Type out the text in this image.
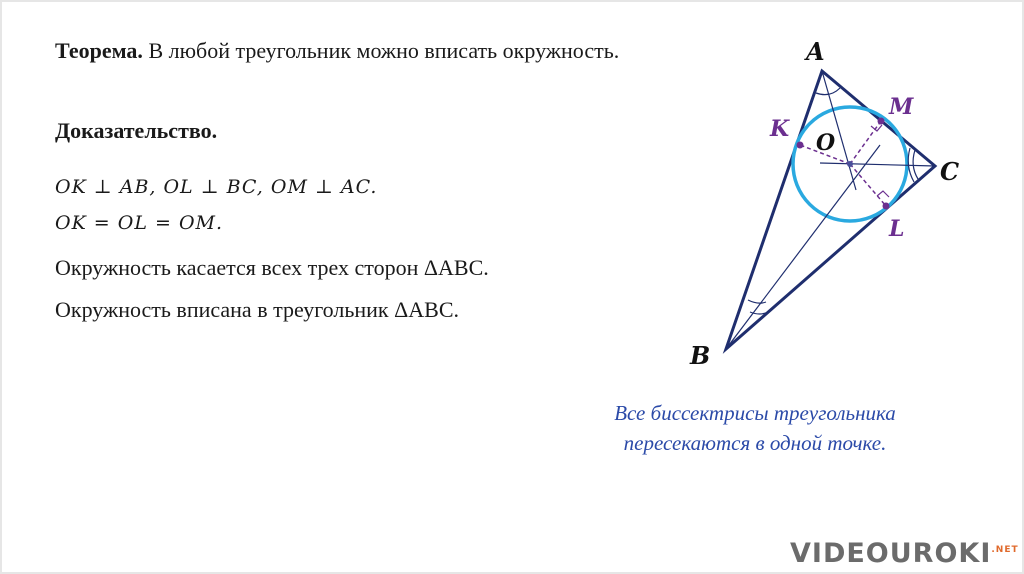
Теорема. В любой треугольник можно вписать окружность.
Доказательство.
OK ⊥ AB, OL ⊥ BC, OM ⊥ AC.
OK = OL = OM.
Окружность касается всех трех сторон ΔABC.
Окружность вписана в треугольник ΔABC.
A
B
C
O
K
L
M
Все биссектрисы треугольника
пересекаются в одной точке.
$VIDEOUROKI^{.NET}$
